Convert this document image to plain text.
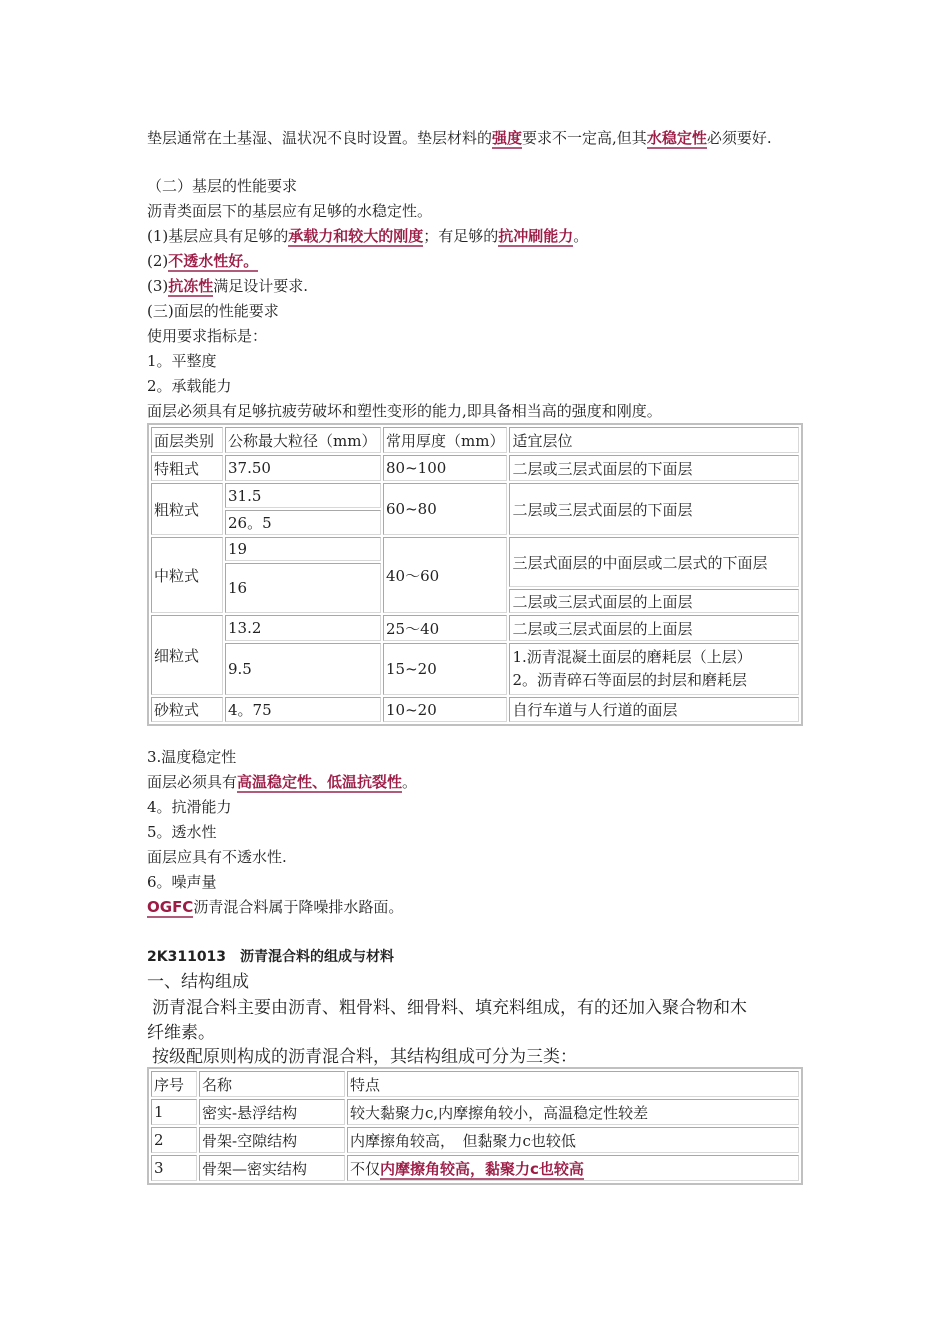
垫层通常在土基湿、温状况不良时设置。垫层材料的强度要求不一定高,但其水稳定性必须要好.
（二）基层的性能要求
沥青类面层下的基层应有足够的水稳定性。
(1)基层应具有足够的承载力和较大的刚度；有足够的抗冲刷能力。
(2)不透水性好。
(3)抗冻性满足设计要求.
(三)面层的性能要求
使用要求指标是：
1。平整度
2。承载能力
面层必须具有足够抗疲劳破坏和塑性变形的能力,即具备相当高的强度和刚度。
面层类别	公称最大粒径（mm）	常用厚度（mm）	适宜层位
特粗式	37.50	80~100	二层或三层式面层的下面层
粗粒式	31.5	60~80	二层或三层式面层的下面层
	26。5		
中粒式	19	40～60	三层式面层的中面层或二层式的下面层
	16		
			二层或三层式面层的上面层
细粒式	13.2	25～40	二层或三层式面层的上面层
	9.5	15~20	1.沥青混凝土面层的磨耗层（上层）
2。沥青碎石等面层的封层和磨耗层

砂粒式	4。75	10~20	自行车道与人行道的面层
3.温度稳定性
面层必须具有高温稳定性、低温抗裂性。
4。抗滑能力
5。透水性
面层应具有不透水性.
6。噪声量
OGFC沥青混合料属于降噪排水路面。
2K311013　沥青混合料的组成与材料
一、结构组成
沥青混合料主要由沥青、粗骨料、细骨料、填充料组成，有的还加入聚合物和木
纤维素。
按级配原则构成的沥青混合料，其结构组成可分为三类：
序号	名称	特点
1	密实-悬浮结构	较大黏聚力c,内摩擦角较小，高温稳定性较差
2	骨架-空隙结构	内摩擦角较高，　但黏聚力c也较低
3	骨架—密实结构	不仅内摩擦角较高，黏聚力c也较高
